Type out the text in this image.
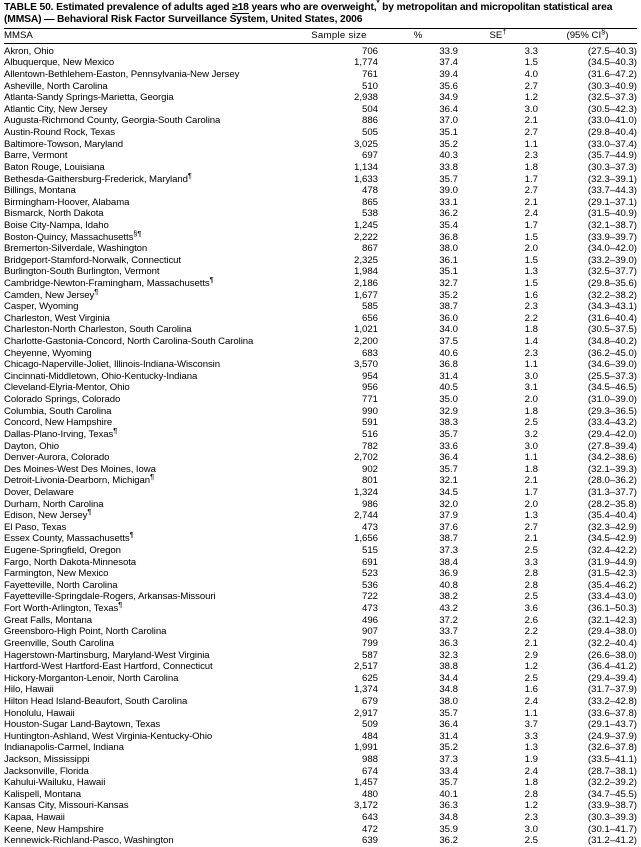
TABLE 50. Estimated prevalence of adults aged ≥18 years who are overweight,* by metropolitan and micropolitan statistical area
(MMSA) — Behavioral Risk Factor Surveillance System, United States, 2006
MMSA	Sample size	%	SE†	(95% CI§)
Akron, Ohio	706	33.9	3.3	(27.5–40.3)
Albuquerque, New Mexico	1,774	37.4	1.5	(34.5–40.3)
Allentown-Bethlehem-Easton, Pennsylvania-New Jersey	761	39.4	4.0	(31.6–47.2)
Asheville, North Carolina	510	35.6	2.7	(30.3–40.9)
Atlanta-Sandy Springs-Marietta, Georgia	2,938	34.9	1.2	(32.5–37.3)
Atlantic City, New Jersey	504	36.4	3.0	(30.5–42.3)
Augusta-Richmond County, Georgia-South Carolina	886	37.0	2.1	(33.0–41.0)
Austin-Round Rock, Texas	505	35.1	2.7	(29.8–40.4)
Baltimore-Towson, Maryland	3,025	35.2	1.1	(33.0–37.4)
Barre, Vermont	697	40.3	2.3	(35.7–44.9)
Baton Rouge, Louisiana	1,134	33.8	1.8	(30.3–37.3)
Bethesda-Gaithersburg-Frederick, Maryland¶	1,633	35.7	1.7	(32.3–39.1)
Billings, Montana	478	39.0	2.7	(33.7–44.3)
Birmingham-Hoover, Alabama	865	33.1	2.1	(29.1–37.1)
Bismarck, North Dakota	538	36.2	2.4	(31.5–40.9)
Boise City-Nampa, Idaho	1,245	35.4	1.7	(32.1–38.7)
Boston-Quincy, Massachusetts§¶	2,222	36.8	1.5	(33.9–39.7)
Bremerton-Silverdale, Washington	867	38.0	2.0	(34.0–42.0)
Bridgeport-Stamford-Norwalk, Connecticut	2,325	36.1	1.5	(33.2–39.0)
Burlington-South Burlington, Vermont	1,984	35.1	1.3	(32.5–37.7)
Cambridge-Newton-Framingham, Massachusetts¶	2,186	32.7	1.5	(29.8–35.6)
Camden, New Jersey¶	1,677	35.2	1.6	(32.2–38.2)
Casper, Wyoming	585	38.7	2.3	(34.3–43.1)
Charleston, West Virginia	656	36.0	2.2	(31.6–40.4)
Charleston-North Charleston, South Carolina	1,021	34.0	1.8	(30.5–37.5)
Charlotte-Gastonia-Concord, North Carolina-South Carolina	2,200	37.5	1.4	(34.8–40.2)
Cheyenne, Wyoming	683	40.6	2.3	(36.2–45.0)
Chicago-Naperville-Joliet, Illinois-Indiana-Wisconsin	3,570	36.8	1.1	(34.6–39.0)
Cincinnati-Middletown, Ohio-Kentucky-Indiana	954	31.4	3.0	(25.5–37.3)
Cleveland-Elyria-Mentor, Ohio	956	40.5	3.1	(34.5–46.5)
Colorado Springs, Colorado	771	35.0	2.0	(31.0–39.0)
Columbia, South Carolina	990	32.9	1.8	(29.3–36.5)
Concord, New Hampshire	591	38.3	2.5	(33.4–43.2)
Dallas-Plano-Irving, Texas¶	516	35.7	3.2	(29.4–42.0)
Dayton, Ohio	782	33.6	3.0	(27.8–39.4)
Denver-Aurora, Colorado	2,702	36.4	1.1	(34.2–38.6)
Des Moines-West Des Moines, Iowa	902	35.7	1.8	(32.1–39.3)
Detroit-Livonia-Dearborn, Michigan¶	801	32.1	2.1	(28.0–36.2)
Dover, Delaware	1,324	34.5	1.7	(31.3–37.7)
Durham, North Carolina	986	32.0	2.0	(28.2–35.8)
Edison, New Jersey¶	2,744	37.9	1.3	(35.4–40.4)
El Paso, Texas	473	37.6	2.7	(32.3–42.9)
Essex County, Massachusetts¶	1,656	38.7	2.1	(34.5–42.9)
Eugene-Springfield, Oregon	515	37.3	2.5	(32.4–42.2)
Fargo, North Dakota-Minnesota	691	38.4	3.3	(31.9–44.9)
Farmington, New Mexico	523	36.9	2.8	(31.5–42.3)
Fayetteville, North Carolina	536	40.8	2.8	(35.4–46.2)
Fayetteville-Springdale-Rogers, Arkansas-Missouri	722	38.2	2.5	(33.4–43.0)
Fort Worth-Arlington, Texas¶	473	43.2	3.6	(36.1–50.3)
Great Falls, Montana	496	37.2	2.6	(32.1–42.3)
Greensboro-High Point, North Carolina	907	33.7	2.2	(29.4–38.0)
Greenville, South Carolina	799	36.3	2.1	(32.2–40.4)
Hagerstown-Martinsburg, Maryland-West Virginia	587	32.3	2.9	(26.6–38.0)
Hartford-West Hartford-East Hartford, Connecticut	2,517	38.8	1.2	(36.4–41.2)
Hickory-Morganton-Lenoir, North Carolina	625	34.4	2.5	(29.4–39.4)
Hilo, Hawaii	1,374	34.8	1.6	(31.7–37.9)
Hilton Head Island-Beaufort, South Carolina	679	38.0	2.4	(33.2–42.8)
Honolulu, Hawaii	2,917	35.7	1.1	(33.6–37.8)
Houston-Sugar Land-Baytown, Texas	509	36.4	3.7	(29.1–43.7)
Huntington-Ashland, West Virginia-Kentucky-Ohio	484	31.4	3.3	(24.9–37.9)
Indianapolis-Carmel, Indiana	1,991	35.2	1.3	(32.6–37.8)
Jackson, Mississippi	988	37.3	1.9	(33.5–41.1)
Jacksonville, Florida	674	33.4	2.4	(28.7–38.1)
Kahului-Wailuku, Hawaii	1,457	35.7	1.8	(32.2–39.2)
Kalispell, Montana	480	40.1	2.8	(34.7–45.5)
Kansas City, Missouri-Kansas	3,172	36.3	1.2	(33.9–38.7)
Kapaa, Hawaii	643	34.8	2.3	(30.3–39.3)
Keene, New Hampshire	472	35.9	3.0	(30.1–41.7)
Kennewick-Richland-Pasco, Washington	639	36.2	2.5	(31.2–41.2)
